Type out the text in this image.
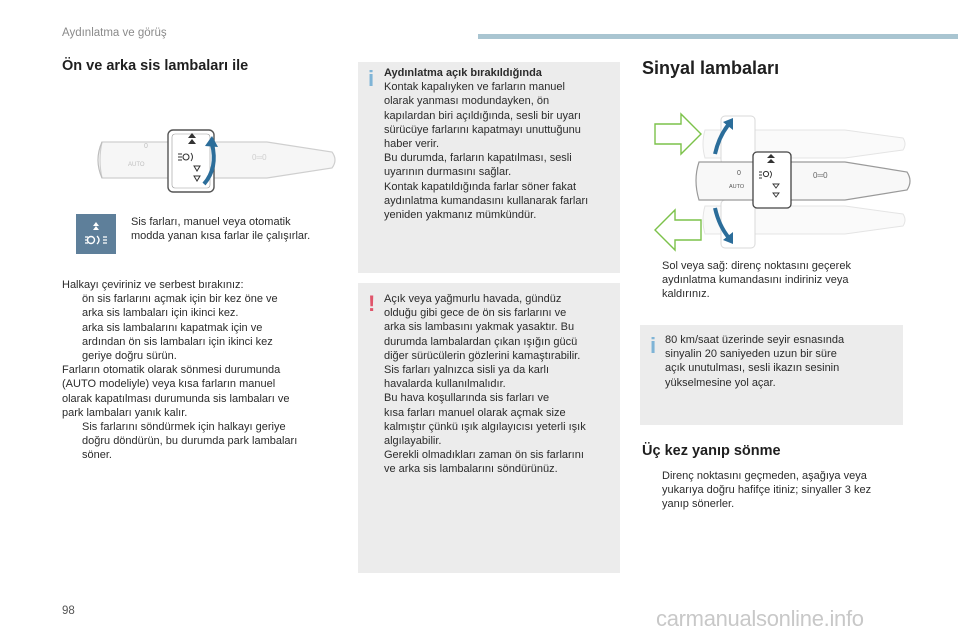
Aydınlatma ve görüş
Ön ve arka sis lambaları ile
AUTO
0
0═0
Sis farları, manuel veya otomatik
modda yanan kısa farlar ile çalışırlar.
Halkayı çeviriniz ve serbest bırakınız:
ön sis farlarını açmak için bir kez öne ve
arka sis lambaları için ikinci kez.
arka sis lambalarını kapatmak için ve
ardından ön sis lambaları için ikinci kez
geriye doğru sürün.
Farların otomatik olarak sönmesi durumunda
(AUTO modeliyle) veya kısa farların manuel
olarak kapatılması durumunda sis lambaları ve
park lambaları yanık kalır.
Sis farlarını söndürmek için halkayı geriye
doğru döndürün, bu durumda park lambaları
söner.
i Aydınlatma açık bırakıldığında
Kontak kapalıyken ve farların manuel
olarak yanması modundayken, ön
kapılardan biri açıldığında, sesli bir uyarı
sürücüye farlarını kapatmayı unuttuğunu
haber verir.
Bu durumda, farların kapatılması, sesli
uyarının durmasını sağlar.
Kontak kapatıldığında farlar söner fakat
aydınlatma kumandasını kullanarak farları
yeniden yakmanız mümkündür.
! Açık veya yağmurlu havada, gündüz
olduğu gibi gece de ön sis farlarını ve
arka sis lambasını yakmak yasaktır. Bu
durumda lambalardan çıkan ışığın gücü
diğer sürücülerin gözlerini kamaştırabilir.
Sis farları yalnızca sisli ya da karlı
havalarda kullanılmalıdır.
Bu hava koşullarında sis farları ve
kısa farları manuel olarak açmak size
kalmıştır çünkü ışık algılayıcısı yeterli ışık
algılayabilir.
Gerekli olmadıkları zaman ön sis farlarını
ve arka sis lambalarını söndürünüz.
Sinyal lambaları
0
AUTO
0═0
Sol veya sağ: direnç noktasını geçerek
aydınlatma kumandasını indiriniz veya
kaldırınız.
i 80 km/saat üzerinde seyir esnasında
sinyalin 20 saniyeden uzun bir süre
açık unutulması, sesli ikazın sesinin
yükselmesine yol açar.
Üç kez yanıp sönme
Direnç noktasını geçmeden, aşağıya veya
yukarıya doğru hafifçe itiniz; sinyaller 3 kez
yanıp sönerler.
98	carmanualsonline.info
